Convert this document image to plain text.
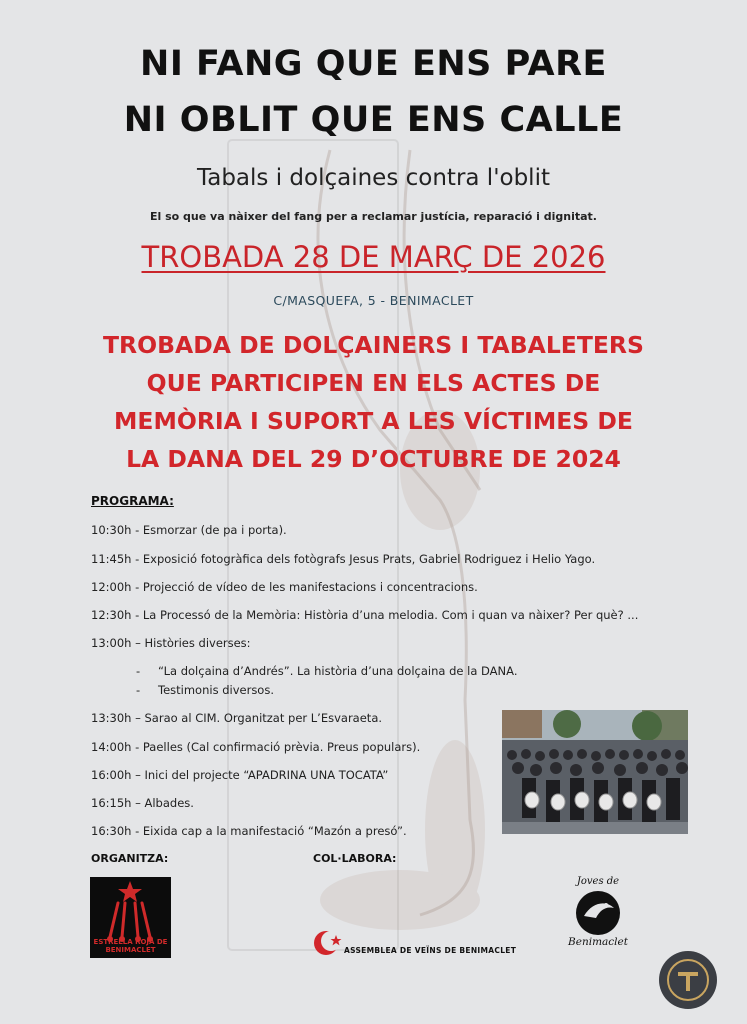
NI FANG QUE ENS PARE
NI OBLIT QUE ENS CALLE
Tabals i dolçaines contra l'oblit
El so que va nàixer del fang per a reclamar justícia, reparació i dignitat.
TROBADA 28 DE MARÇ DE 2026
C/MASQUEFA, 5 - BENIMACLET
TROBADA DE DOLÇAINERS I TABALETERS
QUE PARTICIPEN EN ELS ACTES DE
MEMÒRIA I SUPORT A LES VÍCTIMES DE
LA DANA DEL 29 D’OCTUBRE DE 2024
PROGRAMA:
10:30h - Esmorzar (de pa i porta).
11:45h - Exposició fotogràfica dels fotògrafs Jesus Prats, Gabriel Rodriguez i Helio Yago.
12:00h - Projecció de vídeo de les manifestacions i concentracions.
12:30h - La Processó de la Memòria: Història d’una melodia. Com i quan va nàixer? Per què? ...
13:00h – Històries diverses:
- “La dolçaina d’Andrés”. La història d’una dolçaina de la DANA.
- Testimonis diversos.
13:30h – Sarao al CIM. Organitzat per L’Esvaraeta.
14:00h - Paelles (Cal confirmació prèvia. Preus populars).
16:00h – Inici del projecte “APADRINA UNA TOCATA”
16:15h – Albades.
16:30h - Eixida cap a la manifestació “Mazón a presó”.
ORGANITZA:	COL·LABORA:
ESTRELLA ROJA DE BENIMACLET	ASSEMBLEA DE VEÏNS DE BENIMACLET
Joves de
Benimaclet
